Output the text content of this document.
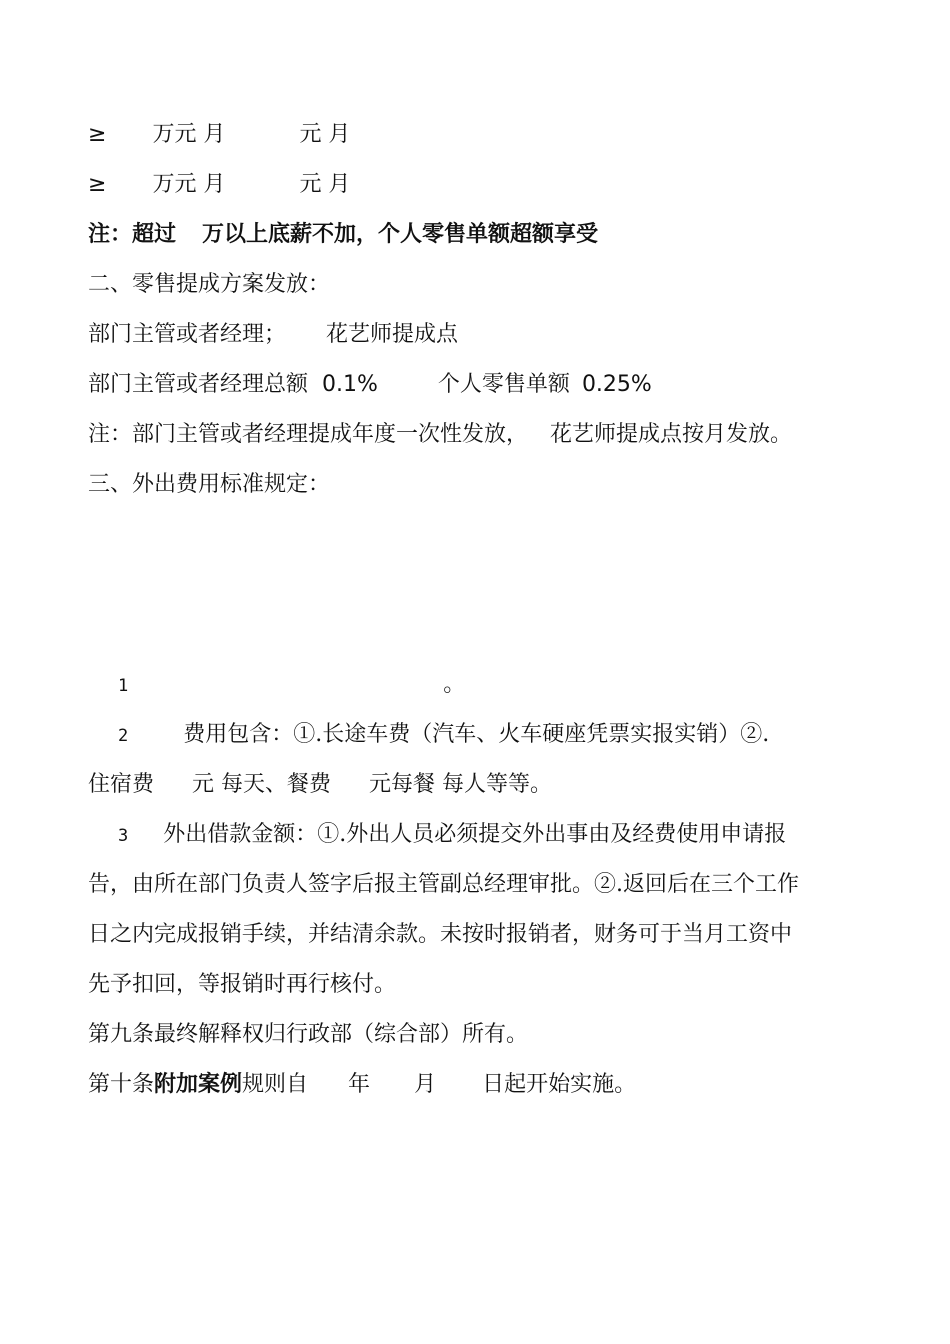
≥ 万元 月	元 月
≥ 万元 月	元 月
注：超过 万以上底薪不加，个人零售单额超额享受
二、零售提成方案发放：
部门主管或者经理； 花艺师提成点
部门主管或者经理总额 0.1%	个人零售单额 0.25%
注：部门主管或者经理提成年度一次性发放， 花艺师提成点按月发放。
三、外出费用标准规定：
1	。
2 费用包含：①.长途车费（汽车、火车硬座凭票实报实销）②.
住宿费 元 每天、餐费 元每餐 每人等等。
3 外出借款金额：①.外出人员必须提交外出事由及经费使用申请报
告，由所在部门负责人签字后报主管副总经理审批。②.返回后在三个工作
日之内完成报销手续，并结清余款。未按时报销者，财务可于当月工资中
先予扣回，等报销时再行核付。
第九条最终解释权归行政部（综合部）所有。
第十条附加案例规则自 年 月 日起开始实施。
